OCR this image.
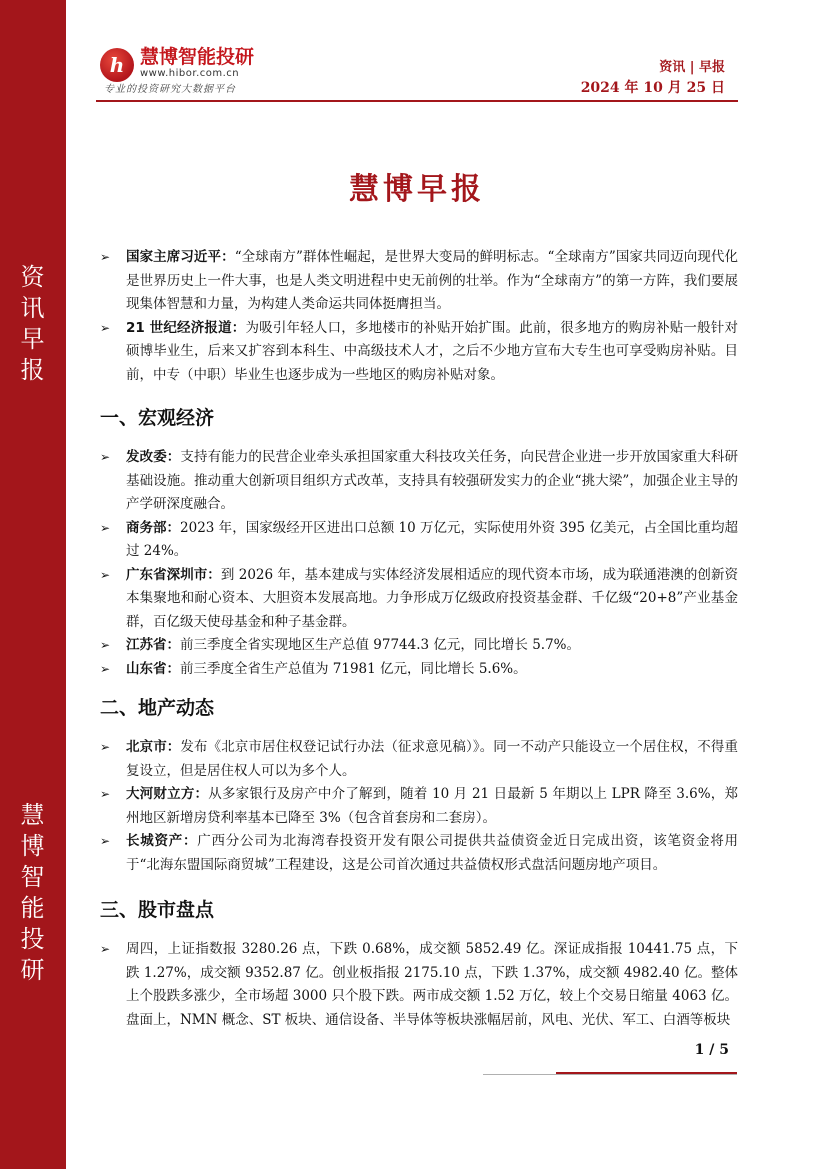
资
讯
早
报
慧
博
智
能
投
研
h 慧博智能投研
www.hibor.com.cn
专业的投资研究大数据平台
资讯 | 早报
2024 年 10 月 25 日
慧博早报

➢ 国家主席习近平：“全球南方”群体性崛起，是世界大变局的鲜明标志。“全球南方”国家共同迈向现代化是世界历史上一件大事，也是人类文明进程中史无前例的壮举。作为“全球南方”的第一方阵，我们要展现集体智慧和力量，为构建人类命运共同体挺膺担当。

➢ 21 世纪经济报道：为吸引年轻人口，多地楼市的补贴开始扩围。此前，很多地方的购房补贴一般针对硕博毕业生，后来又扩容到本科生、中高级技术人才，之后不少地方宣布大专生也可享受购房补贴。目前，中专（中职）毕业生也逐步成为一些地区的购房补贴对象。

一、宏观经济

➢ 发改委：支持有能力的民营企业牵头承担国家重大科技攻关任务，向民营企业进一步开放国家重大科研基础设施。推动重大创新项目组织方式改革，支持具有较强研发实力的企业“挑大梁”，加强企业主导的产学研深度融合。

➢ 商务部：2023 年，国家级经开区进出口总额 10 万亿元，实际使用外资 395 亿美元，占全国比重均超过 24%。

➢ 广东省深圳市：到 2026 年，基本建成与实体经济发展相适应的现代资本市场，成为联通港澳的创新资本集聚地和耐心资本、大胆资本发展高地。力争形成万亿级政府投资基金群、千亿级“20+8”产业基金群，百亿级天使母基金和种子基金群。

➢ 江苏省：前三季度全省实现地区生产总值 97744.3 亿元，同比增长 5.7%。

➢ 山东省：前三季度全省生产总值为 71981 亿元，同比增长 5.6%。

二、地产动态

➢ 北京市：发布《北京市居住权登记试行办法（征求意见稿）》。同一不动产只能设立一个居住权，不得重复设立，但是居住权人可以为多个人。

➢ 大河财立方：从多家银行及房产中介了解到，随着 10 月 21 日最新 5 年期以上 LPR 降至 3.6%，郑州地区新增房贷利率基本已降至 3%（包含首套房和二套房）。

➢ 长城资产：广西分公司为北海湾春投资开发有限公司提供共益债资金近日完成出资，该笔资金将用于“北海东盟国际商贸城”工程建设，这是公司首次通过共益债权形式盘活问题房地产项目。

三、股市盘点

➢ 周四，上证指数报 3280.26 点，下跌 0.68%，成交额 5852.49 亿。深证成指报 10441.75 点，下跌 1.27%，成交额 9352.87 亿。创业板指报 2175.10 点，下跌 1.37%，成交额 4982.40 亿。整体上个股跌多涨少，全市场超 3000 只个股下跌。两市成交额 1.52 万亿，较上个交易日缩量 4063 亿。盘面上，NMN 概念、ST 板块、通信设备、半导体等板块涨幅居前，风电、光伏、军工、白酒等板块

1 / 5
